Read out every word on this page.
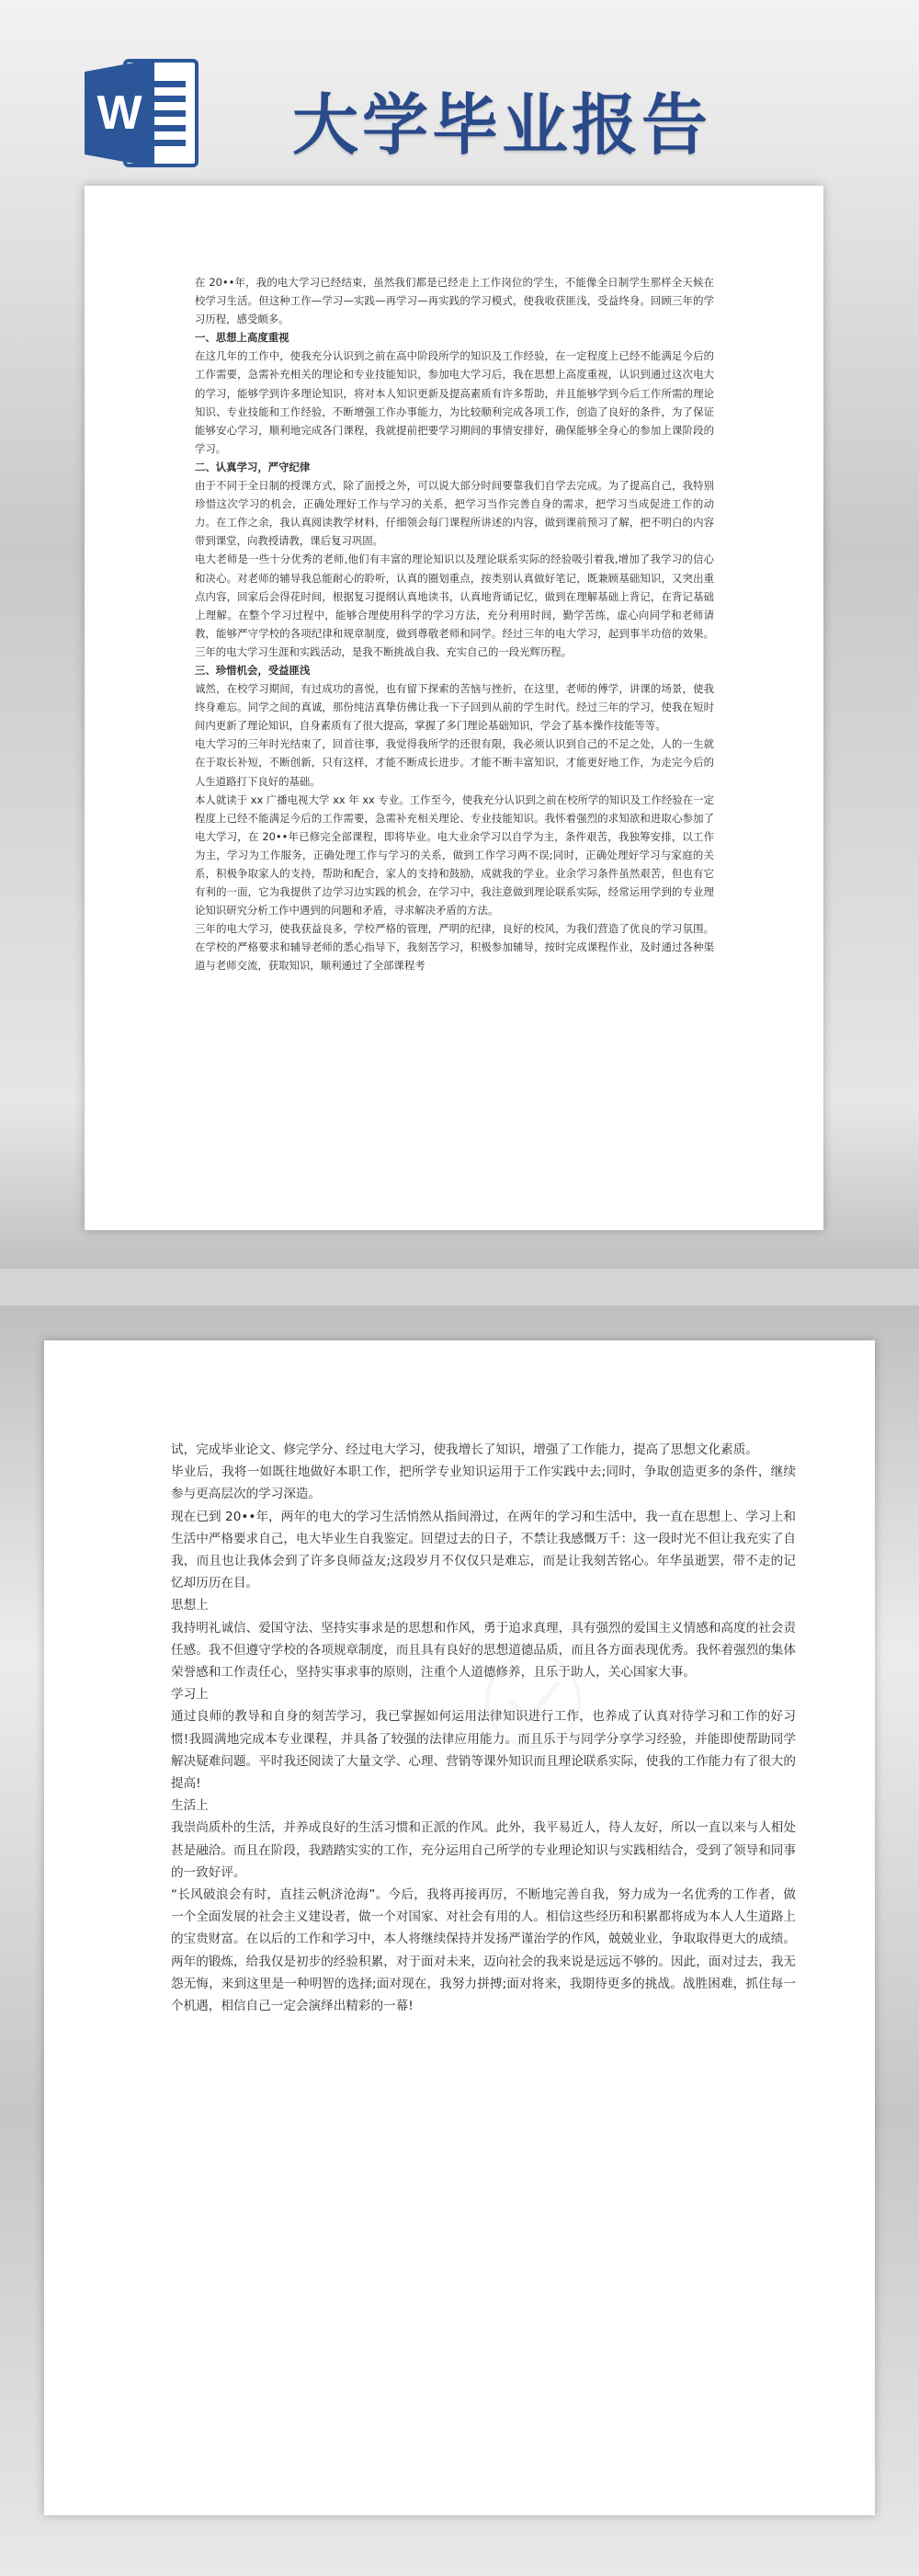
W 大学毕业报告

在 20••年，我的电大学习已经结束，虽然我们都是已经走上工作岗位的学生，不能像全日制学生那样全天候在校学习生活。但这种工作—学习—实践—再学习—再实践的学习模式，使我收获匪浅，受益终身。回顾三年的学习历程，感受颇多。

一、思想上高度重视

在这几年的工作中，使我充分认识到之前在高中阶段所学的知识及工作经验，在一定程度上已经不能满足今后的工作需要，急需补充相关的理论和专业技能知识，参加电大学习后，我在思想上高度重视，认识到通过这次电大的学习，能够学到许多理论知识，将对本人知识更新及提高素质有许多帮助，并且能够学到今后工作所需的理论知识、专业技能和工作经验，不断增强工作办事能力，为比较顺利完成各项工作，创造了良好的条件，为了保证能够安心学习，顺利地完成各门课程，我就提前把要学习期间的事情安排好，确保能够全身心的参加上课阶段的学习。

二、认真学习，严守纪律

由于不同于全日制的授课方式，除了面授之外，可以说大部分时间要靠我们自学去完成。为了提高自己，我特别珍惜这次学习的机会，正确处理好工作与学习的关系，把学习当作完善自身的需求，把学习当成促进工作的动力。在工作之余，我认真阅读教学材料，仔细领会每门课程所讲述的内容，做到课前预习了解，把不明白的内容带到课堂，向教授请教，课后复习巩固。

电大老师是一些十分优秀的老师,他们有丰富的理论知识以及理论联系实际的经验吸引着我,增加了我学习的信心和决心。对老师的辅导我总能耐心的聆听，认真的圈划重点，按类别认真做好笔记，既兼顾基础知识，又突出重点内容，回家后会得花时间，根据复习提纲认真地读书，认真地背诵记忆，做到在理解基础上背记，在背记基础上理解。在整个学习过程中，能够合理使用科学的学习方法，充分利用时间，勤学苦练，虚心向同学和老师请教，能够严守学校的各项纪律和规章制度，做到尊敬老师和同学。经过三年的电大学习，起到事半功倍的效果。三年的电大学习生涯和实践活动，是我不断挑战自我、充实自己的一段光辉历程。

三、珍惜机会，受益匪浅

诚然，在校学习期间，有过成功的喜悦，也有留下探索的苦恼与挫折，在这里，老师的傅学，讲课的场景，使我终身难忘。同学之间的真诚，那份纯洁真挚仿佛让我一下子回到从前的学生时代。经过三年的学习，使我在短时间内更新了理论知识，自身素质有了很大提高，掌握了多门理论基础知识，学会了基本操作技能等等。

电大学习的三年时光结束了，回首往事，我觉得我所学的还很有限，我必须认识到自己的不足之处，人的一生就在于取长补短，不断创新，只有这样，才能不断成长进步。才能不断丰富知识，才能更好地工作，为走完今后的人生道路打下良好的基础。

本人就读于 xx 广播电视大学 xx 年 xx 专业。工作至今，使我充分认识到之前在校所学的知识及工作经验在一定程度上已经不能满足今后的工作需要，急需补充相关理论、专业技能知识。我怀着强烈的求知欲和进取心参加了电大学习，在 20••年已修完全部课程，即将毕业。电大业余学习以自学为主，条件艰苦，我独筹安排，以工作为主，学习为工作服务，正确处理工作与学习的关系，做到工作学习两不误;同时，正确处理好学习与家庭的关系，积极争取家人的支持，帮助和配合，家人的支持和鼓励，成就我的学业。业余学习条件虽然艰苦，但也有它有利的一面，它为我提供了边学习边实践的机会，在学习中，我注意做到理论联系实际，经常运用学到的专业理论知识研究分析工作中遇到的问题和矛盾，寻求解决矛盾的方法。

三年的电大学习，使我获益良多，学校严格的管理，严明的纪律，良好的校风，为我们营造了优良的学习氛围。在学校的严格要求和辅导老师的悉心指导下，我刻苦学习，积极参加辅导，按时完成课程作业，及时通过各种渠道与老师交流，获取知识，顺利通过了全部课程考

试，完成毕业论文、修完学分、经过电大学习，使我增长了知识，增强了工作能力，提高了思想文化素质。

毕业后，我将一如既往地做好本职工作，把所学专业知识运用于工作实践中去;同时，争取创造更多的条件，继续参与更高层次的学习深造。

现在已到 20••年，两年的电大的学习生活悄然从指间滑过，在两年的学习和生活中，我一直在思想上、学习上和生活中严格要求自己，电大毕业生自我鉴定。回望过去的日子，不禁让我感慨万千：这一段时光不但让我充实了自我，而且也让我体会到了许多良师益友;这段岁月不仅仅只是难忘，而是让我刻苦铭心。年华虽逝罢，带不走的记忆却历历在目。

思想上

我持明礼诚信、爱国守法、坚持实事求是的思想和作风，勇于追求真理，具有强烈的爱国主义情感和高度的社会责任感。我不但遵守学校的各项规章制度，而且具有良好的思想道德品质，而且各方面表现优秀。我怀着强烈的集体荣誉感和工作责任心，坚持实事求事的原则，注重个人道德修养，且乐于助人，关心国家大事。

学习上

通过良师的教导和自身的刻苦学习，我已掌握如何运用法律知识进行工作，也养成了认真对待学习和工作的好习惯!我圆满地完成本专业课程，并具备了较强的法律应用能力。而且乐于与同学分享学习经验，并能即使帮助同学解决疑难问题。平时我还阅读了大量文学、心理、营销等课外知识而且理论联系实际，使我的工作能力有了很大的提高!

生活上

我崇尚质朴的生活，并养成良好的生活习惯和正派的作风。此外，我平易近人，待人友好，所以一直以来与人相处甚是融洽。而且在阶段，我踏踏实实的工作，充分运用自己所学的专业理论知识与实践相结合，受到了领导和同事的一致好评。

“长风破浪会有时，直挂云帆济沧海”。今后，我将再接再厉，不断地完善自我，努力成为一名优秀的工作者，做一个全面发展的社会主义建设者，做一个对国家、对社会有用的人。相信这些经历和积累都将成为本人人生道路上的宝贵财富。在以后的工作和学习中，本人将继续保持并发扬严谨治学的作风，兢兢业业，争取取得更大的成绩。两年的锻炼，给我仅是初步的经验积累，对于面对未来，迈向社会的我来说是远远不够的。因此，面对过去，我无怨无悔，来到这里是一种明智的选择;面对现在，我努力拼搏;面对将来，我期待更多的挑战。战胜困难，抓住每一个机遇，相信自己一定会演绎出精彩的一幕!
